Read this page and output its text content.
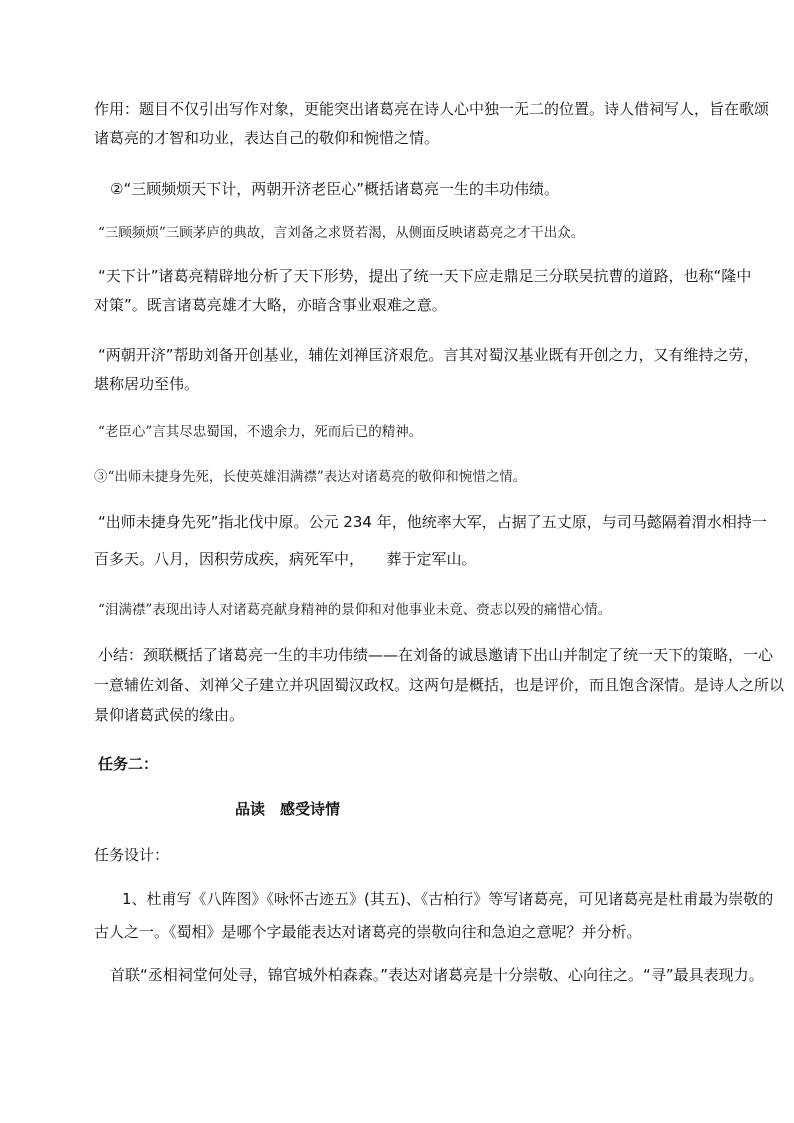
作用：题目不仅引出写作对象，更能突出诸葛亮在诗人心中独一无二的位置。诗人借祠写人，旨在歌颂
诸葛亮的才智和功业，表达自己的敬仰和惋惜之情。
②“三顾频烦天下计，两朝开济老臣心”概括诸葛亮一生的丰功伟绩。
“三顾频烦”三顾茅庐的典故，言刘备之求贤若渴，从侧面反映诸葛亮之才干出众。
“天下计”诸葛亮精辟地分析了天下形势，提出了统一天下应走鼎足三分联吴抗曹的道路，也称“隆中
对策”。既言诸葛亮雄才大略，亦暗含事业艰难之意。
“两朝开济”帮助刘备开创基业，辅佐刘禅匡济艰危。言其对蜀汉基业既有开创之力，又有维持之劳，
堪称居功至伟。
“老臣心”言其尽忠蜀国，不遗余力，死而后已的精神。
③“出师未捷身先死，长使英雄泪满襟”表达对诸葛亮的敬仰和惋惜之情。
“出师未捷身先死”指北伐中原。公元 234 年，他统率大军，占据了五丈原，与司马懿隔着渭水相持一
百多天。八月，因积劳成疾，病死军中，　　葬于定军山。
“泪满襟”表现出诗人对诸葛亮献身精神的景仰和对他事业未竟、赍志以殁的痛惜心情。
小结：颈联概括了诸葛亮一生的丰功伟绩——在刘备的诚恳邀请下出山并制定了统一天下的策略，一心
一意辅佐刘备、刘禅父子建立并巩固蜀汉政权。这两句是概括，也是评价，而且饱含深情。是诗人之所以
景仰诸葛武侯的缘由。
任务二：
品读　感受诗情
任务设计：
1、杜甫写《八阵图》《咏怀古迹五》(其五)、《古柏行》等写诸葛亮，可见诸葛亮是杜甫最为崇敬的
古人之一。《蜀相》是哪个字最能表达对诸葛亮的崇敬向往和急迫之意呢？并分析。
首联“丞相祠堂何处寻，锦官城外柏森森。”表达对诸葛亮是十分崇敬、心向往之。“寻”最具表现力。
